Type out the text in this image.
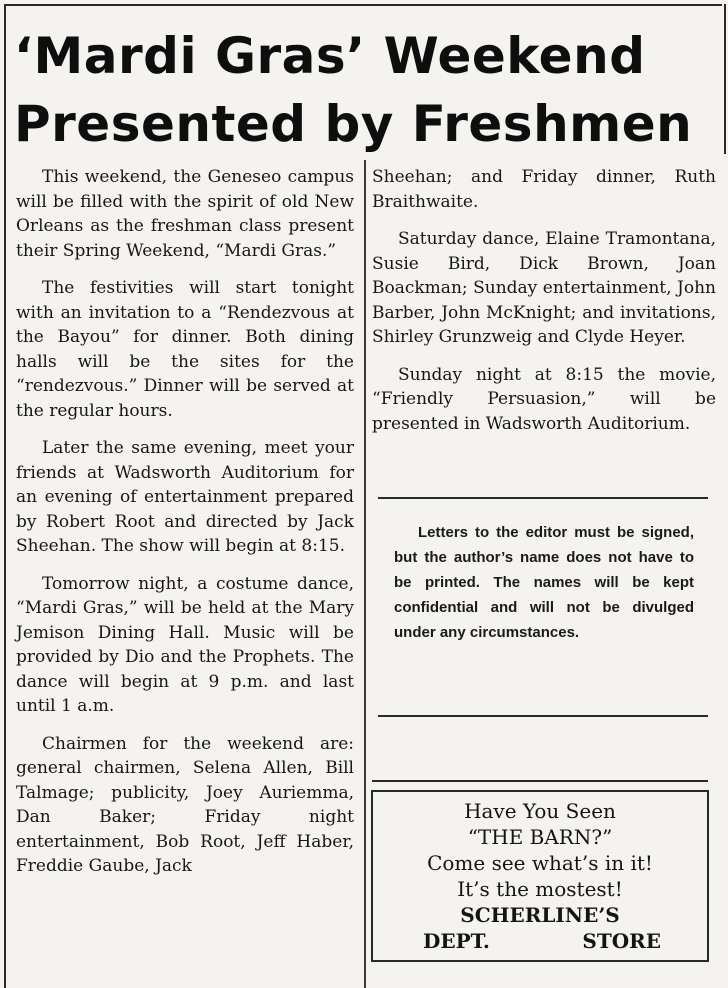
‘Mardi Gras’ Weekend
Presented by Freshmen

This weekend, the Geneseo campus will be filled with the spirit of old New Orleans as the freshman class present their Spring Weekend, “Mardi Gras.”

The festivities will start tonight with an invitation to a “Rendezvous at the Bayou” for dinner. Both dining halls will be the sites for the “rendezvous.” Dinner will be served at the regular hours.

Later the same evening, meet your friends at Wadsworth Auditorium for an evening of entertainment prepared by Robert Root and directed by Jack Sheehan. The show will begin at 8:15.

Tomorrow night, a costume dance, “Mardi Gras,” will be held at the Mary Jemison Dining Hall. Music will be provided by Dio and the Prophets. The dance will begin at 9 p.m. and last until 1 a.m.

Chairmen for the weekend are: general chairmen, Selena Allen, Bill Talmage; publicity, Joey Auriemma, Dan Baker; Friday night entertainment, Bob Root, Jeff Haber, Freddie Gaube, Jack

Sheehan; and Friday dinner, Ruth Braithwaite.

Saturday dance, Elaine Tramontana, Susie Bird, Dick Brown, Joan Boackman; Sunday entertainment, John Barber, John McKnight; and invitations, Shirley Grunzweig and Clyde Heyer.

Sunday night at 8:15 the movie, “Friendly Persuasion,” will be presented in Wadsworth Auditorium.

Letters to the editor must be signed, but the author’s name does not have to be printed. The names will be kept confidential and will not be divulged under any circumstances.

Have You Seen
“THE BARN?”
Come see what’s in it!
It’s the mostest!
SCHERLINE’S
DEPT.	STORE
